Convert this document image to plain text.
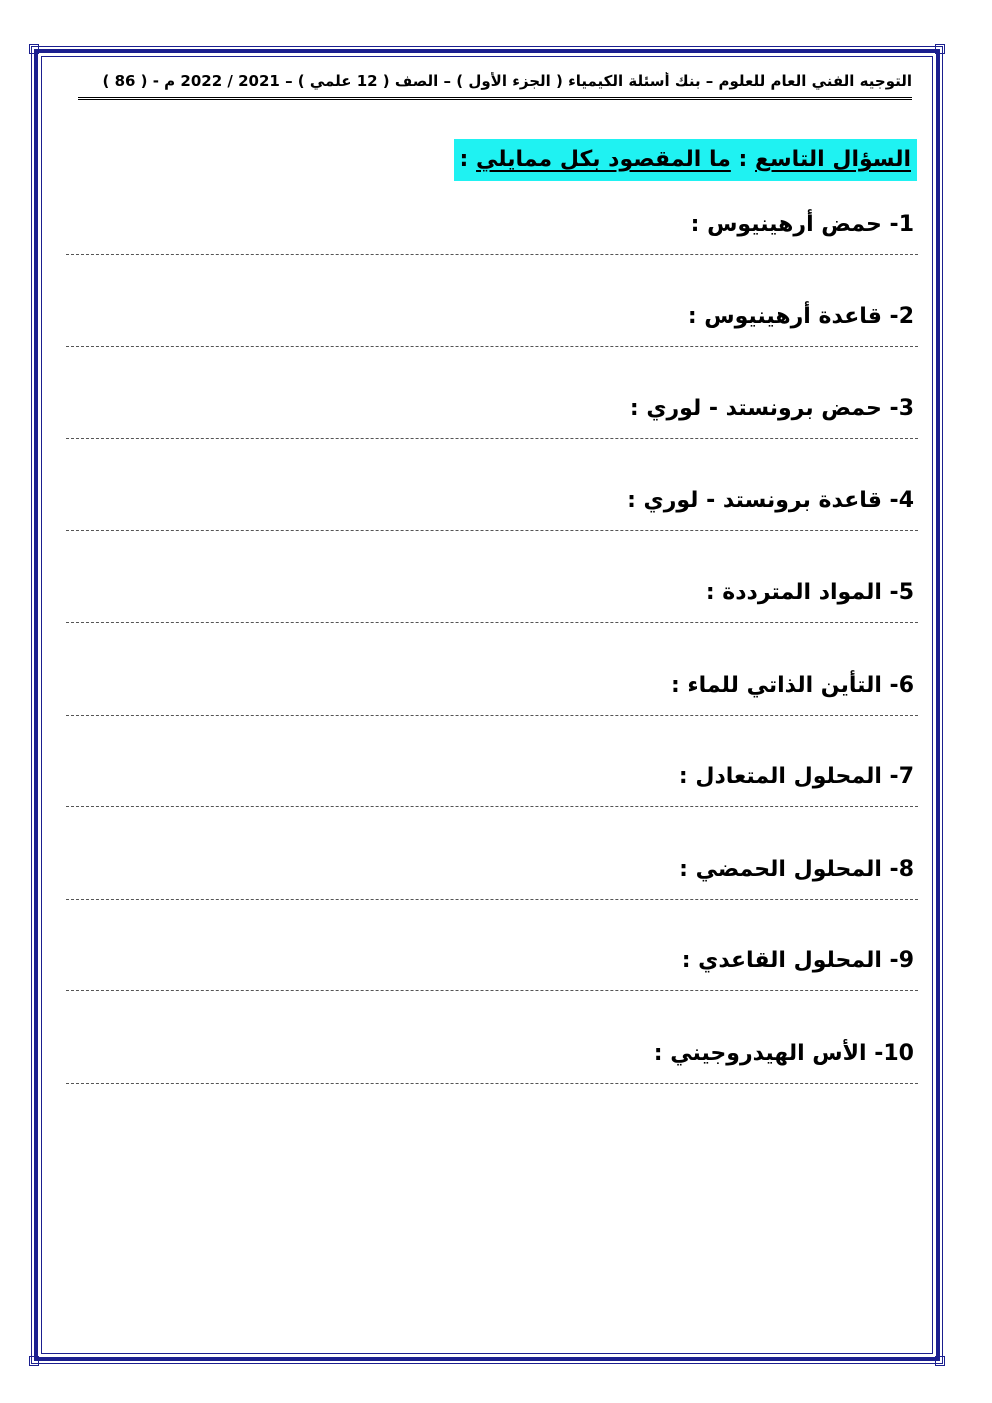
التوجيه الفني العام للعلوم – بنك أسئلة الكيمياء ( الجزء الأول ) – الصف ( 12 علمي ) – 2021 / 2022 م - ( 86 )
السؤال التاسع : ما المقصود بكل ممايلي :
1- حمض أرهينيوس :
2- قاعدة أرهينيوس :
3- حمض برونستد - لوري :
4- قاعدة برونستد - لوري :
5- المواد المترددة :
6- التأين الذاتي للماء :
7- المحلول المتعادل :
8- المحلول الحمضي :
9- المحلول القاعدي :
10- الأس الهيدروجيني :
